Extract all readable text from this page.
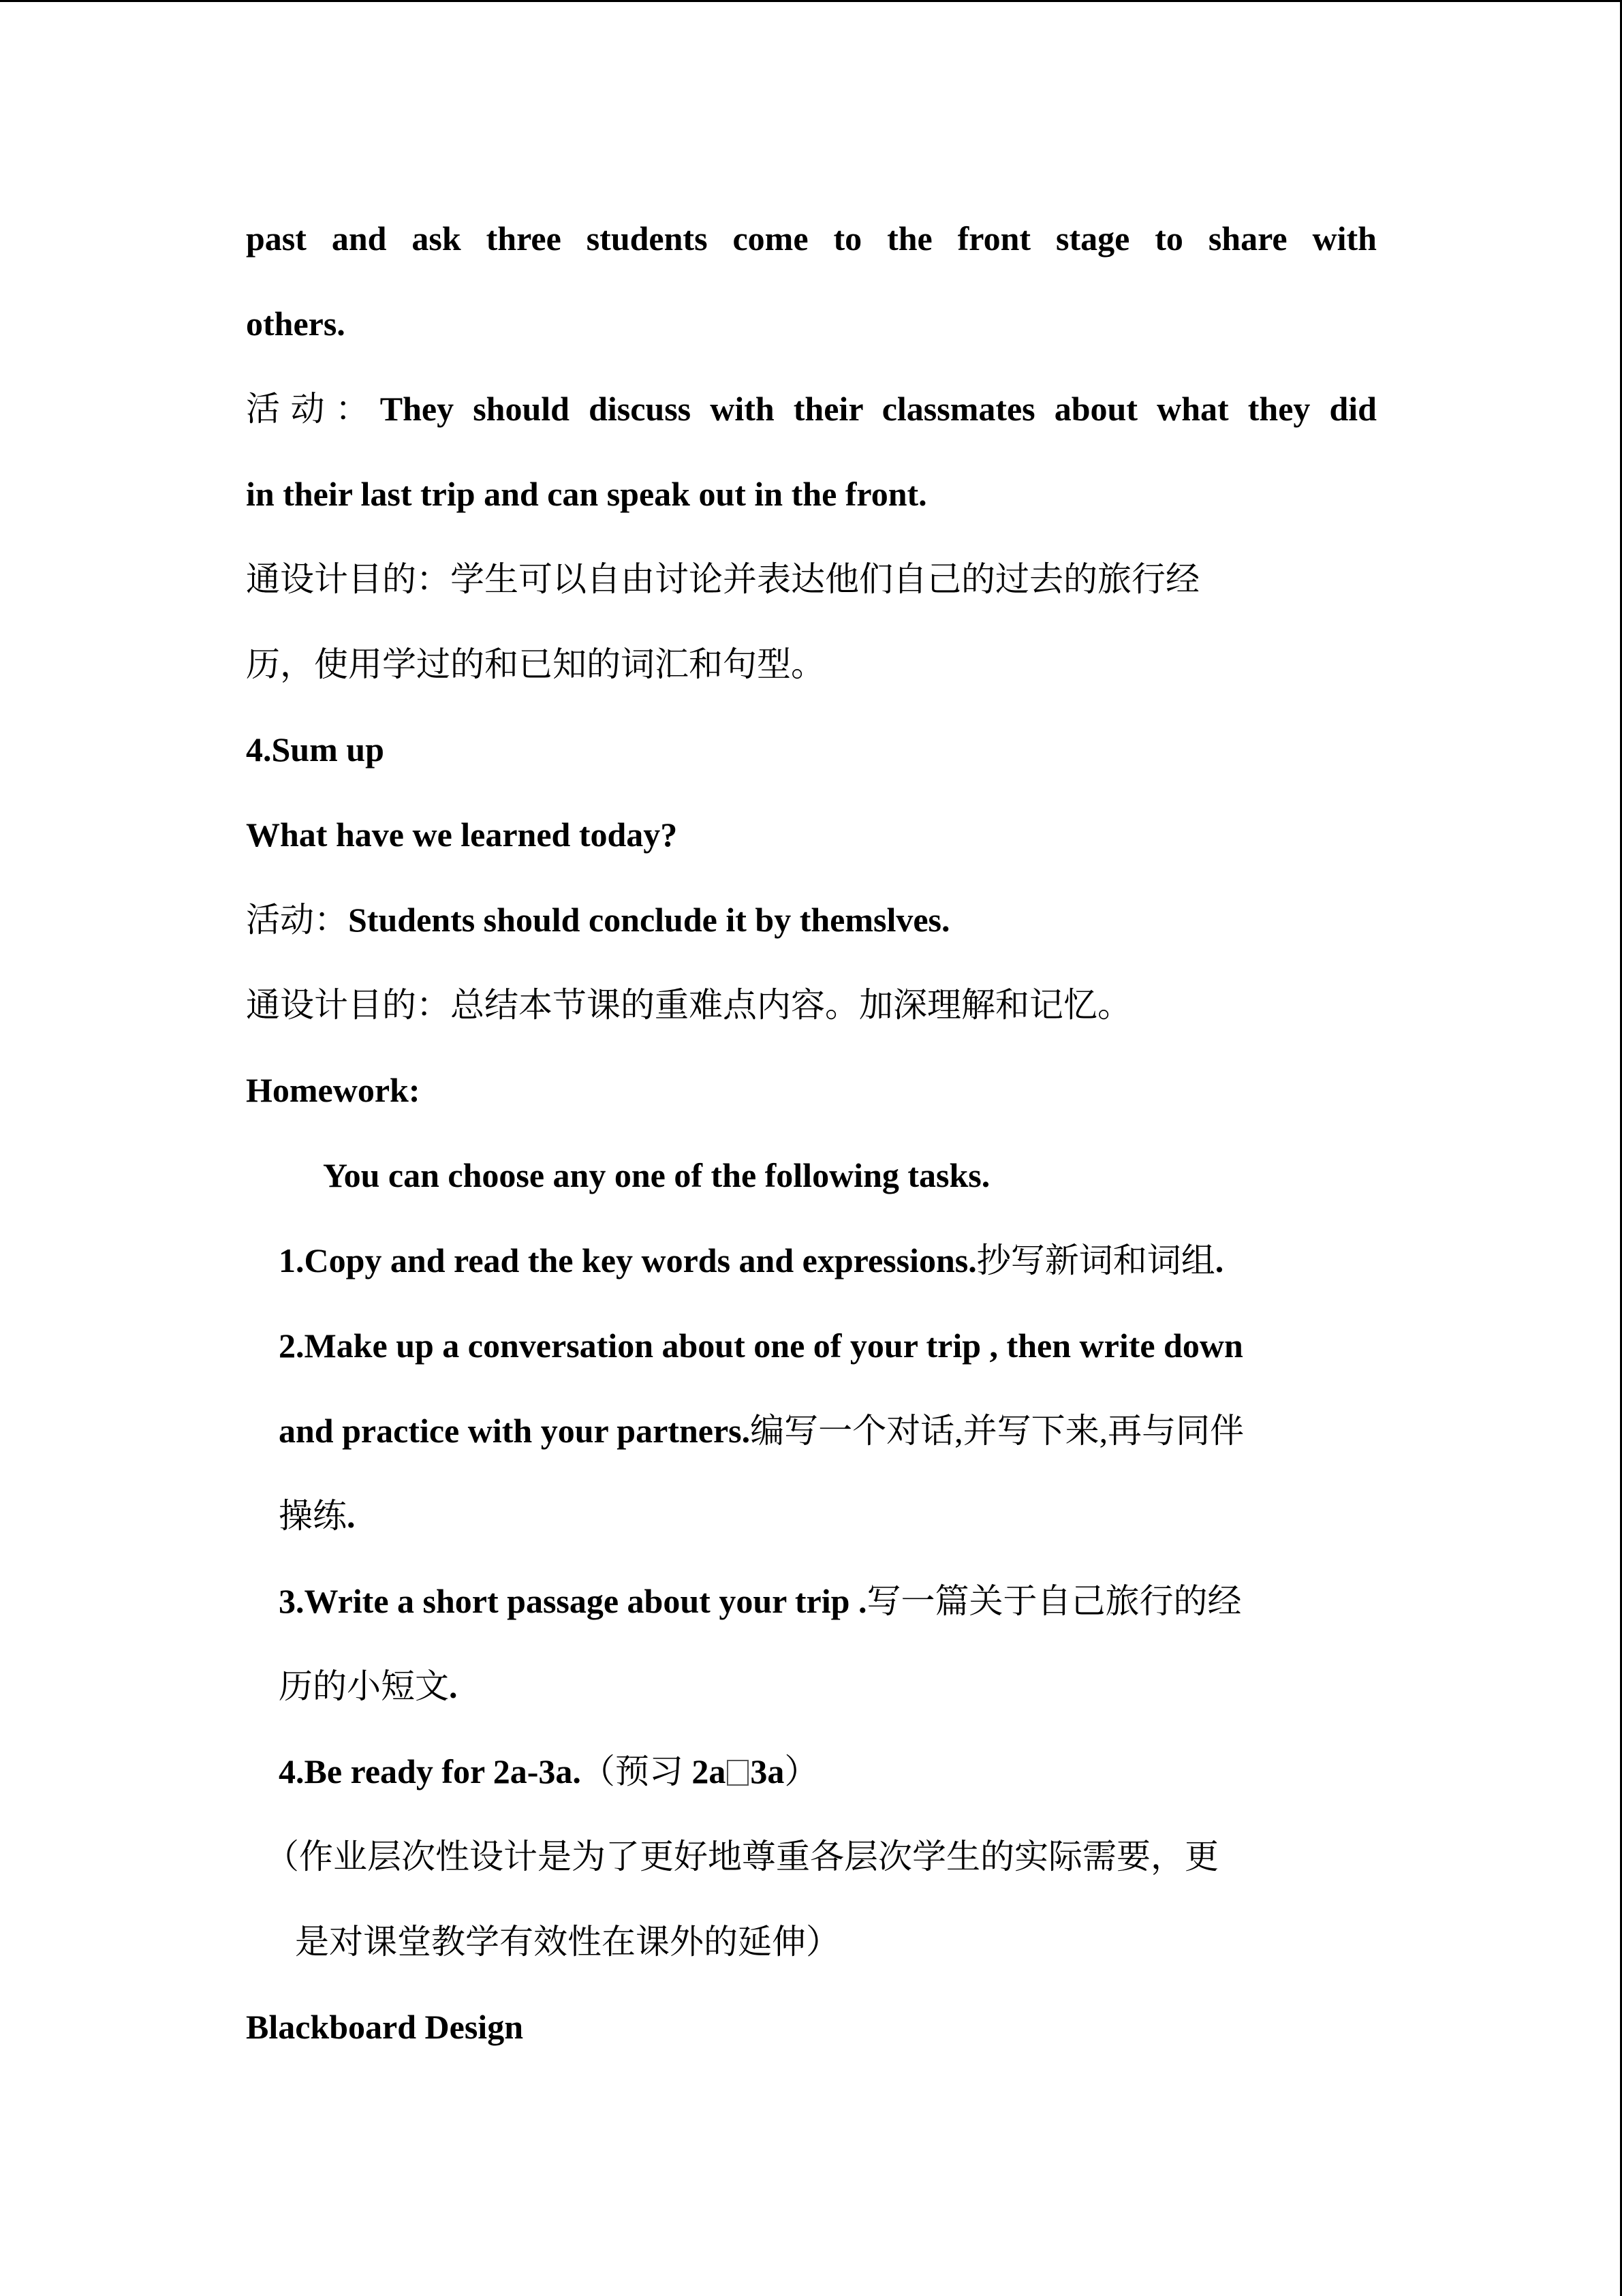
past and ask three students come to the front stage to share with
others.
活动：They should discuss with their classmates about what they did
in their last trip and can speak out in the front.
通设计目的：学生可以自由讨论并表达他们自己的过去的旅行经
历，使用学过的和已知的词汇和句型。
4.Sum up
What have we learned today?
活动：Students should conclude it by themslves.
通设计目的：总结本节课的重难点内容。加深理解和记忆。
Homework:
You can choose any one of the following tasks.
1.Copy and read the key words and expressions.抄写新词和词组.
2.Make up a conversation about one of your trip , then write down
and practice with your partners.编写一个对话,并写下来,再与同伴
操练.
3.Write a short passage about your trip .写一篇关于自己旅行的经
历的小短文.
4.Be ready for 2a-3a.（预习 2a 3a）
（作业层次性设计是为了更好地尊重各层次学生的实际需要，更
是对课堂教学有效性在课外的延伸）
Blackboard Design
